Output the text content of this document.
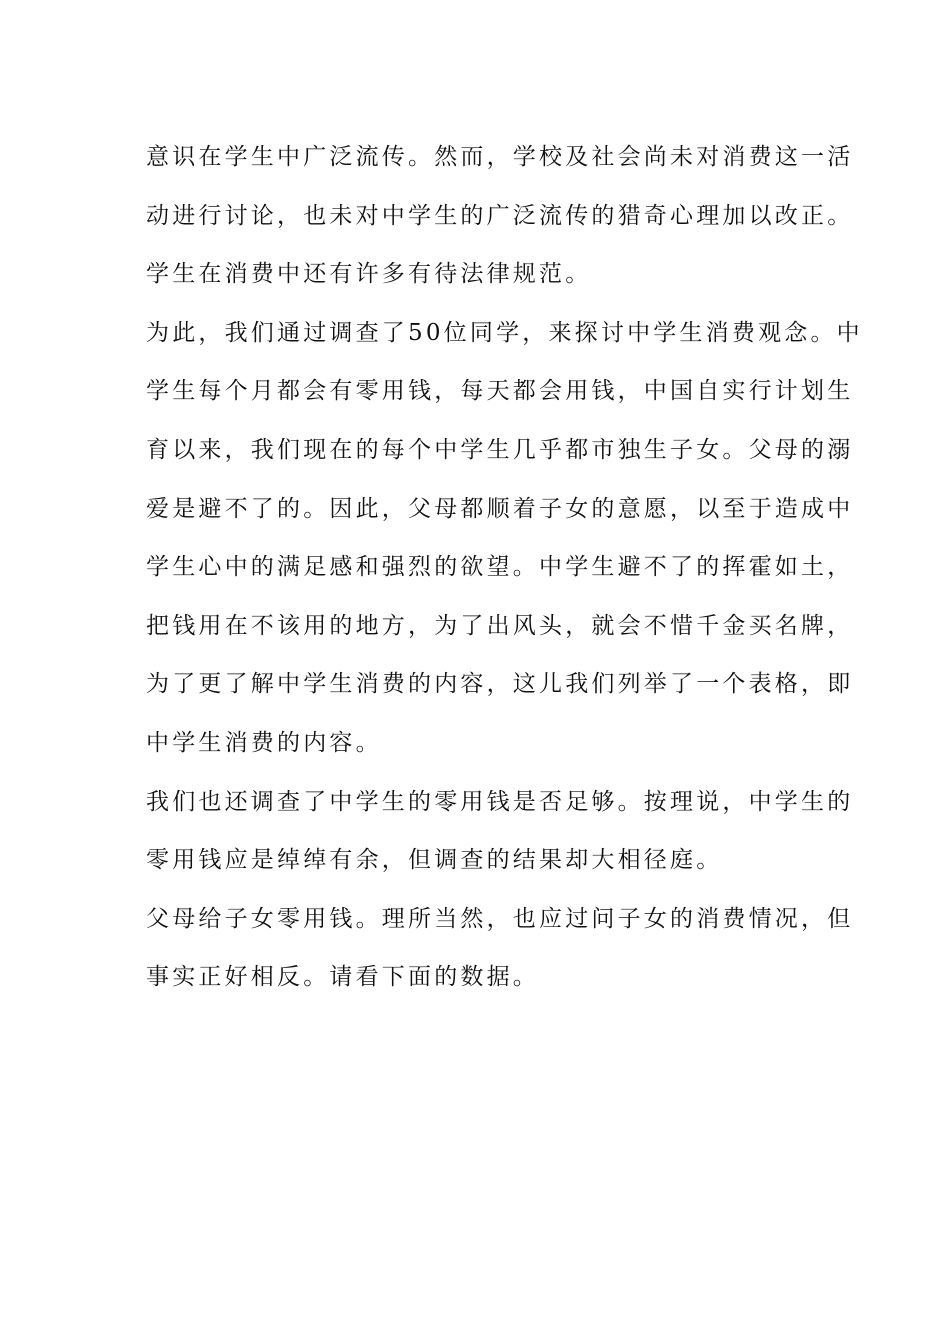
意识在学生中广泛流传。然而，学校及社会尚未对消费这一活
动进行讨论，也未对中学生的广泛流传的猎奇心理加以改正。
学生在消费中还有许多有待法律规范。
为此，我们通过调查了50位同学，来探讨中学生消费观念。中
学生每个月都会有零用钱，每天都会用钱，中国自实行计划生
育以来，我们现在的每个中学生几乎都市独生子女。父母的溺
爱是避不了的。因此，父母都顺着子女的意愿，以至于造成中
学生心中的满足感和强烈的欲望。中学生避不了的挥霍如土，
把钱用在不该用的地方，为了出风头，就会不惜千金买名牌，
为了更了解中学生消费的内容，这儿我们列举了一个表格，即
中学生消费的内容。
我们也还调查了中学生的零用钱是否足够。按理说，中学生的
零用钱应是绰绰有余，但调查的结果却大相径庭。
父母给子女零用钱。理所当然，也应过问子女的消费情况，但
事实正好相反。请看下面的数据。
